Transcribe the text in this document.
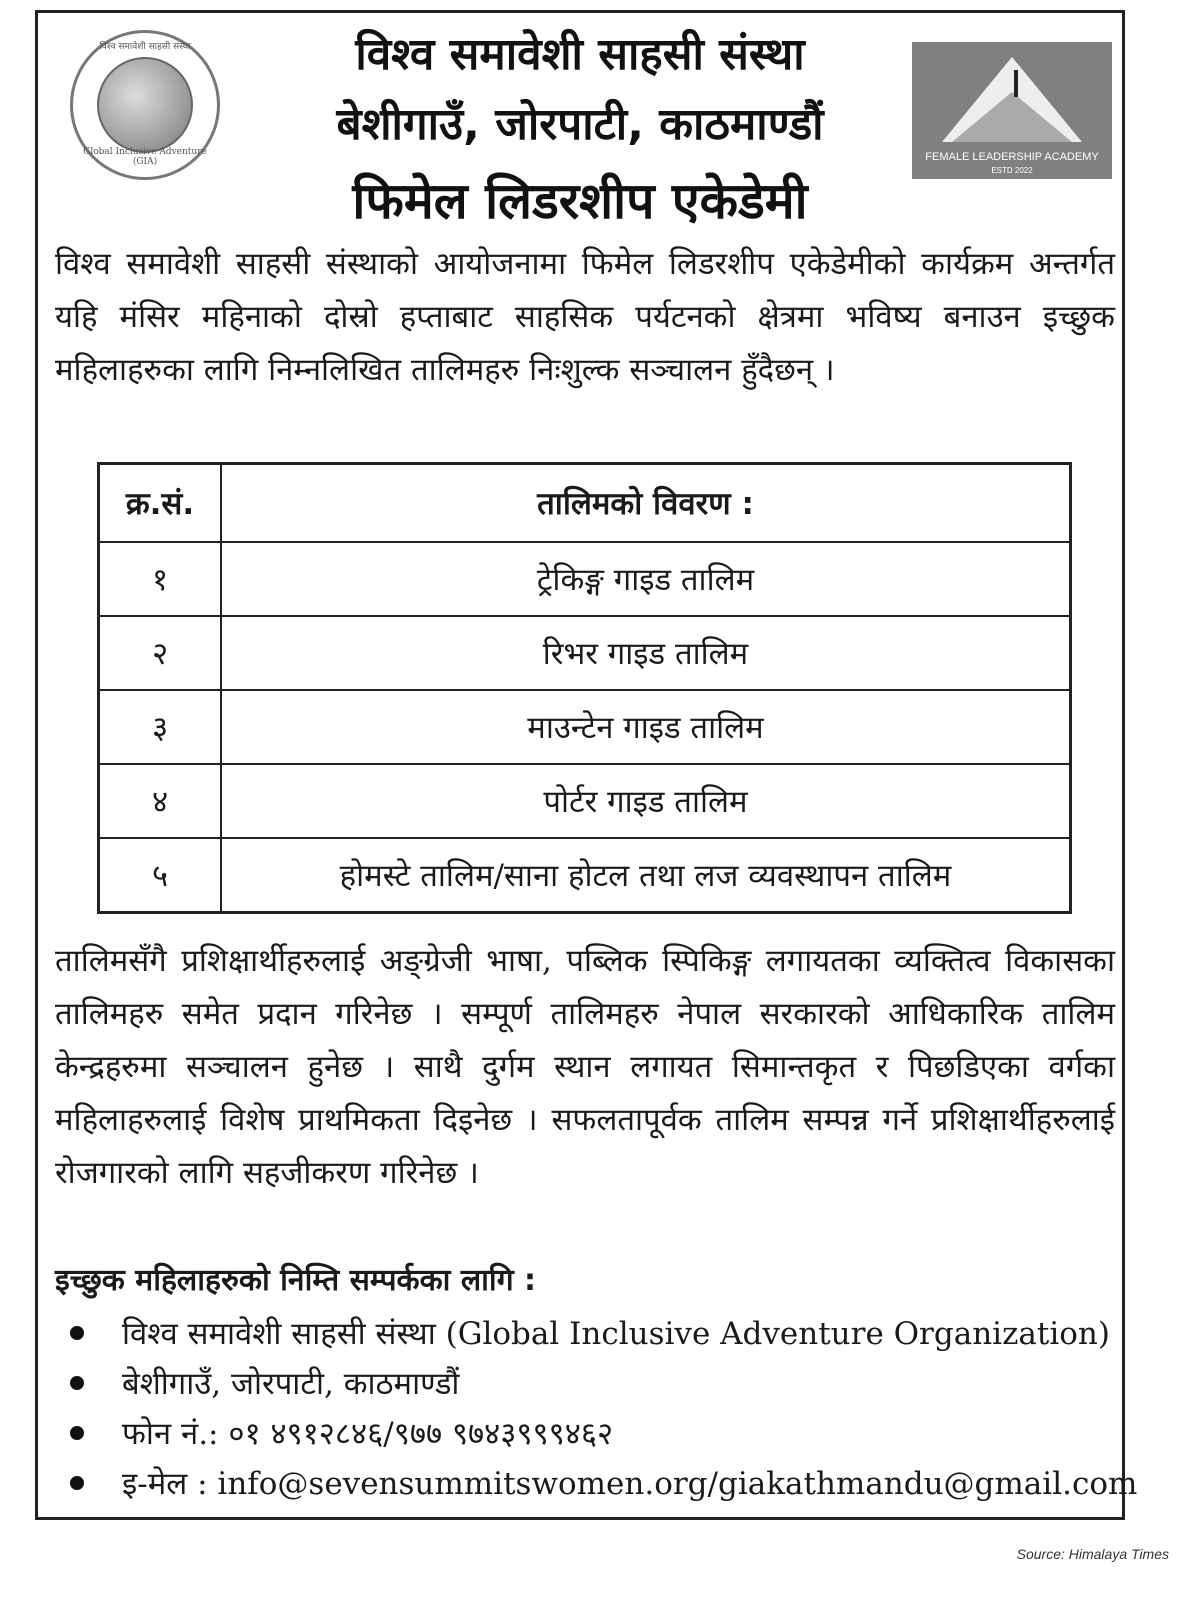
विश्व समावेशी साहसी संस्था
Global Inclusive Adventure (GIA)
विश्व समावेशी साहसी संस्था
बेशीगाउँ, जोरपाटी, काठमाण्डौं
फिमेल लिडरशीप एकेडेमी
FEMALE LEADERSHIP ACADEMY
ESTD 2022
विश्व समावेशी साहसी संस्थाको आयोजनामा फिमेल लिडरशीप एकेडेमीको कार्यक्रम अन्तर्गत यहि मंसिर महिनाको दोस्रो हप्ताबाट साहसिक पर्यटनको क्षेत्रमा भविष्य बनाउन इच्छुक महिलाहरुका लागि निम्नलिखित तालिमहरु निःशुल्क सञ्चालन हुँदैछन् ।
क्र.सं.	तालिमको विवरण :
१	ट्रेकिङ्ग गाइड तालिम
२	रिभर गाइड तालिम
३	माउन्टेन गाइड तालिम
४	पोर्टर गाइड तालिम
५	होमस्टे तालिम/साना होटल तथा लज व्यवस्थापन तालिम
तालिमसँगै प्रशिक्षार्थीहरुलाई अङ्ग्रेजी भाषा, पब्लिक स्पिकिङ्ग लगायतका व्यक्तित्व विकासका तालिमहरु समेत प्रदान गरिनेछ । सम्पूर्ण तालिमहरु नेपाल सरकारको आधिकारिक तालिम केन्द्रहरुमा सञ्चालन हुनेछ । साथै दुर्गम स्थान लगायत सिमान्तकृत र पिछडिएका वर्गका महिलाहरुलाई विशेष प्राथमिकता दिइनेछ । सफलतापूर्वक तालिम सम्पन्न गर्ने प्रशिक्षार्थीहरुलाई रोजगारको लागि सहजीकरण गरिनेछ ।
इच्छुक महिलाहरुको निम्ति सम्पर्कका लागि :
विश्व समावेशी साहसी संस्था (Global Inclusive Adventure Organization)
बेशीगाउँ, जोरपाटी, काठमाण्डौं
फोन नं.: ०१ ४९१२८४६/९७७ ९७४३९९९४६२
इ-मेल : info@sevensummitswomen.org/giakathmandu@gmail.com
Source: Himalaya Times
